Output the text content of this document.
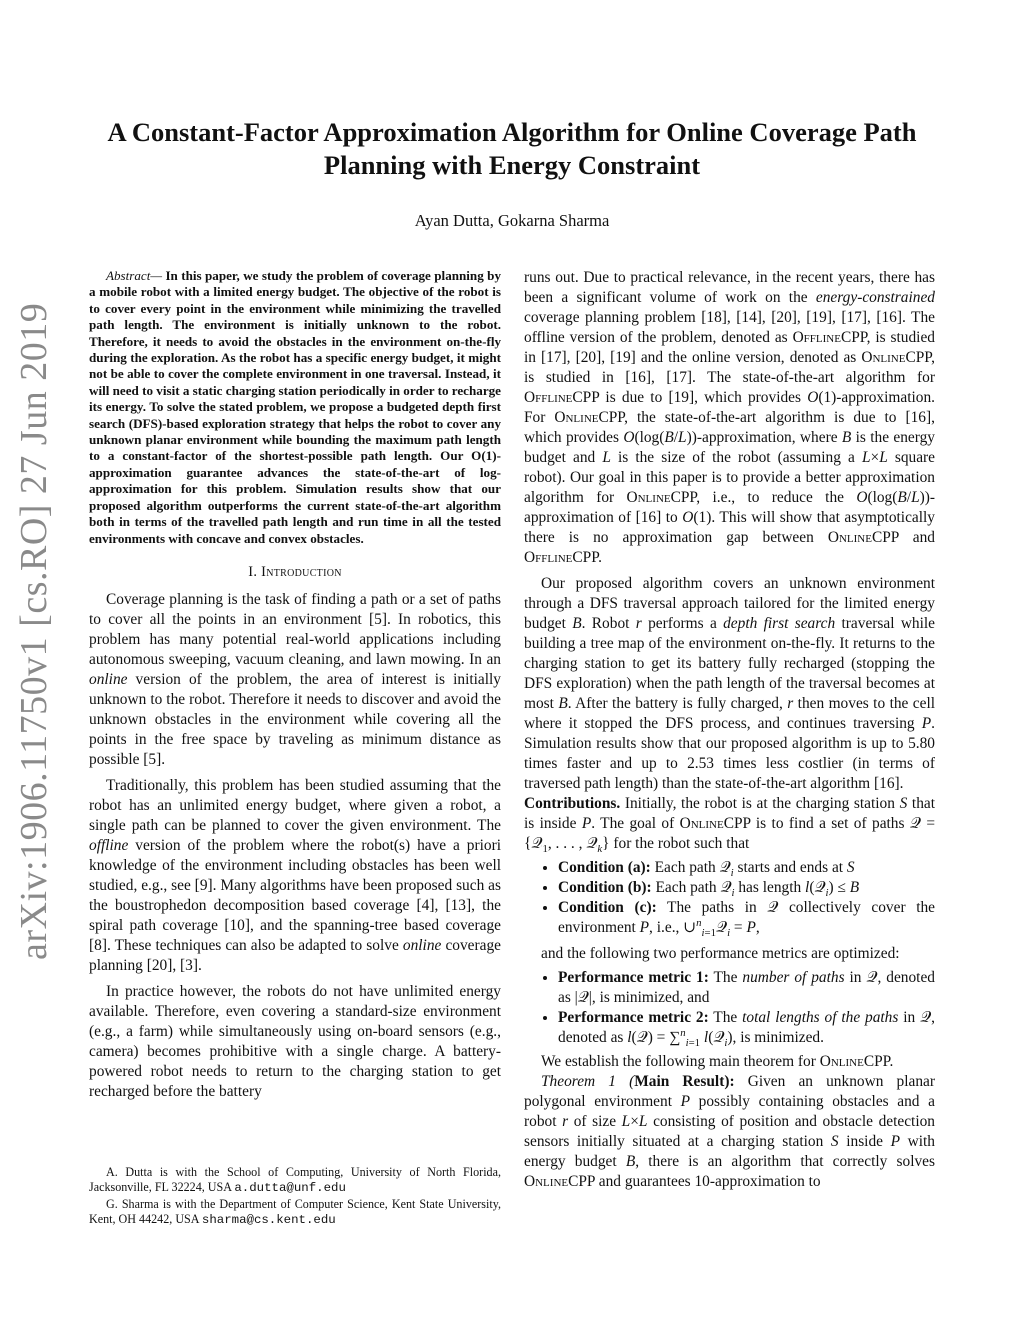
arXiv:1906.11750v1 [cs.RO] 27 Jun 2019
A Constant-Factor Approximation Algorithm for Online Coverage Path Planning with Energy Constraint
Ayan Dutta, Gokarna Sharma

Abstract— In this paper, we study the problem of coverage planning by a mobile robot with a limited energy budget. The objective of the robot is to cover every point in the environment while minimizing the travelled path length. The environment is initially unknown to the robot. Therefore, it needs to avoid the obstacles in the environment on-the-fly during the exploration. As the robot has a specific energy budget, it might not be able to cover the complete environment in one traversal. Instead, it will need to visit a static charging station periodically in order to recharge its energy. To solve the stated problem, we propose a budgeted depth first search (DFS)-based exploration strategy that helps the robot to cover any unknown planar environment while bounding the maximum path length to a constant-factor of the shortest-possible path length. Our O(1)-approximation guarantee advances the state-of-the-art of log-approximation for this problem. Simulation results show that our proposed algorithm outperforms the current state-of-the-art algorithm both in terms of the travelled path length and run time in all the tested environments with concave and convex obstacles.

I. Introduction

Coverage planning is the task of finding a path or a set of paths to cover all the points in an environment [5]. In robotics, this problem has many potential real-world applications including autonomous sweeping, vacuum cleaning, and lawn mowing. In an online version of the problem, the area of interest is initially unknown to the robot. Therefore it needs to discover and avoid the unknown obstacles in the environment while covering all the points in the free space by traveling as minimum distance as possible [5].

Traditionally, this problem has been studied assuming that the robot has an unlimited energy budget, where given a robot, a single path can be planned to cover the given environment. The offline version of the problem where the robot(s) have a priori knowledge of the environment including obstacles has been well studied, e.g., see [9]. Many algorithms have been proposed such as the boustrophedon decomposition based coverage [4], [13], the spiral path coverage [10], and the spanning-tree based coverage [8]. These techniques can also be adapted to solve online coverage planning [20], [3].

In practice however, the robots do not have unlimited energy available. Therefore, even covering a standard-size environment (e.g., a farm) while simultaneously using on-board sensors (e.g., camera) becomes prohibitive with a single charge. A battery-powered robot needs to return to the charging station to get recharged before the battery

A. Dutta is with the School of Computing, University of North Florida, Jacksonville, FL 32224, USA a.dutta@unf.edu

G. Sharma is with the Department of Computer Science, Kent State University, Kent, OH 44242, USA sharma@cs.kent.edu

runs out. Due to practical relevance, in the recent years, there has been a significant volume of work on the energy-constrained coverage planning problem [18], [14], [20], [19], [17], [16]. The offline version of the problem, denoted as OfflineCPP, is studied in [17], [20], [19] and the online version, denoted as OnlineCPP, is studied in [16], [17]. The state-of-the-art algorithm for OfflineCPP is due to [19], which provides O(1)-approximation. For OnlineCPP, the state-of-the-art algorithm is due to [16], which provides O(log(B/L))-approximation, where B is the energy budget and L is the size of the robot (assuming a L×L square robot). Our goal in this paper is to provide a better approximation algorithm for OnlineCPP, i.e., to reduce the O(log(B/L))-approximation of [16] to O(1). This will show that asymptotically there is no approximation gap between OnlineCPP and OfflineCPP.

Our proposed algorithm covers an unknown environment through a DFS traversal approach tailored for the limited energy budget B. Robot r performs a depth first search traversal while building a tree map of the environment on-the-fly. It returns to the charging station to get its battery fully recharged (stopping the DFS exploration) when the path length of the traversal becomes at most B. After the battery is fully charged, r then moves to the cell where it stopped the DFS process, and continues traversing P. Simulation results show that our proposed algorithm is up to 5.80 times faster and up to 2.53 times less costlier (in terms of traversed path length) than the state-of-the-art algorithm [16].

Contributions. Initially, the robot is at the charging station S that is inside P. The goal of OnlineCPP is to find a set of paths 𝒬 = {𝒬$_1$, . . . , 𝒬$_k$} for the robot such that

• Condition (a): Each path 𝒬$_i$ starts and ends at S
• Condition (b): Each path 𝒬$_i$ has length l(𝒬$_i$) ≤ B
• Condition (c): The paths in 𝒬 collectively cover the environment P, i.e., ∪$^n_{i=1}$𝒬$_i$ = P,

and the following two performance metrics are optimized:

• Performance metric 1: The number of paths in 𝒬, denoted as |𝒬|, is minimized, and
• Performance metric 2: The total lengths of the paths in 𝒬, denoted as l(𝒬) = ∑$^n_{i=1}$ l(𝒬$_i$), is minimized.

We establish the following main theorem for OnlineCPP.

Theorem 1 (Main Result): Given an unknown planar polygonal environment P possibly containing obstacles and a robot r of size L×L consisting of position and obstacle detection sensors initially situated at a charging station S inside P with energy budget B, there is an algorithm that correctly solves OnlineCPP and guarantees 10-approximation to
